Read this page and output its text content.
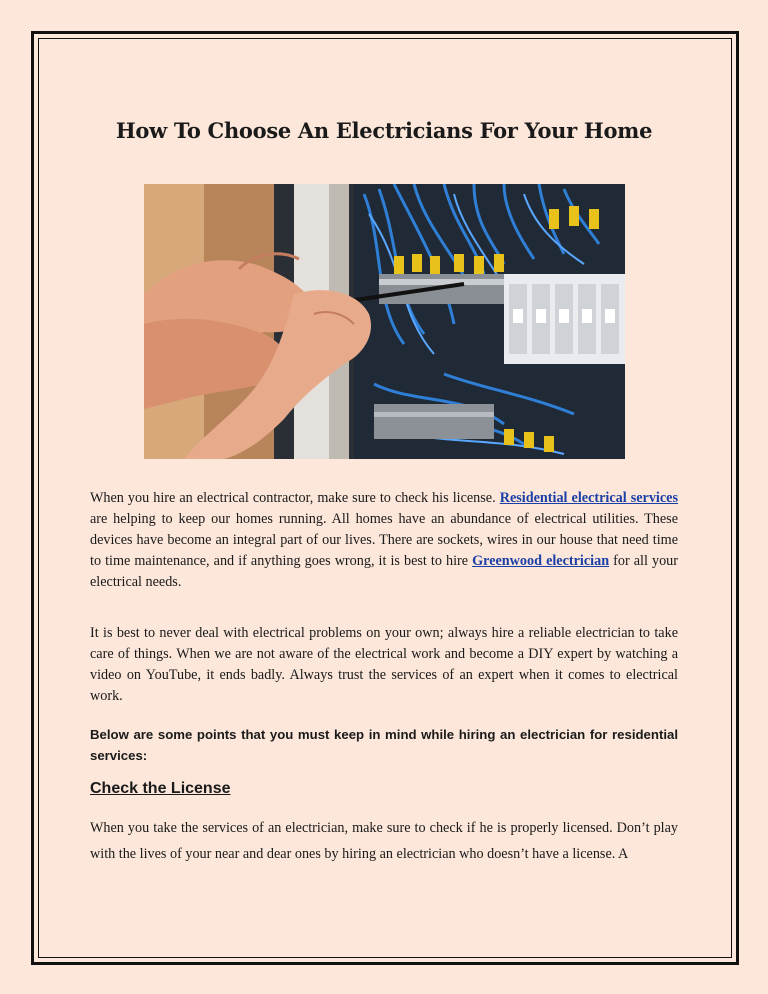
How To Choose An Electricians For Your Home
When you hire an electrical contractor, make sure to check his license. Residential electrical services are helping to keep our homes running. All homes have an abundance of electrical utilities. These devices have become an integral part of our lives. There are sockets, wires in our house that need time to time maintenance, and if anything goes wrong, it is best to hire Greenwood electrician for all your electrical needs.
It is best to never deal with electrical problems on your own; always hire a reliable electrician to take care of things. When we are not aware of the electrical work and become a DIY expert by watching a video on YouTube, it ends badly. Always trust the services of an expert when it comes to electrical work.
Below are some points that you must keep in mind while hiring an electrician for residential services:
Check the License
When you take the services of an electrician, make sure to check if he is properly licensed. Don’t play with the lives of your near and dear ones by hiring an electrician who doesn’t have a license. A
